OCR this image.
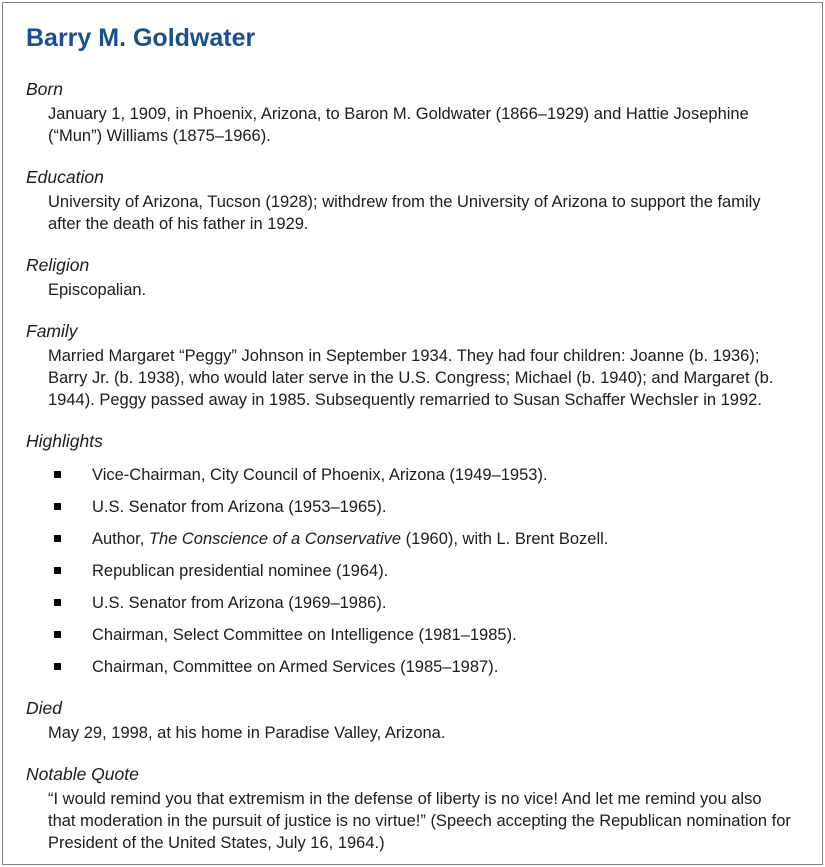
Barry M. Goldwater
Born

January 1, 1909, in Phoenix, Arizona, to Baron M. Goldwater (1866–1929) and Hattie Josephine (“Mun”) Williams (1875–1966).

Education

University of Arizona, Tucson (1928); withdrew from the University of Arizona to support the family after the death of his father in 1929.

Religion

Episcopalian.

Family

Married Margaret “Peggy” Johnson in September 1934. They had four children: Joanne (b. 1936); Barry Jr. (b. 1938), who would later serve in the U.S. Congress; Michael (b. 1940); and Margaret (b. 1944). Peggy passed away in 1985. Subsequently remarried to Susan Schaffer Wechsler in 1992.

Highlights
Vice-Chairman, City Council of Phoenix, Arizona (1949–1953).
U.S. Senator from Arizona (1953–1965).
Author, The Conscience of a Conservative (1960), with L. Brent Bozell.
Republican presidential nominee (1964).
U.S. Senator from Arizona (1969–1986).
Chairman, Select Committee on Intelligence (1981–1985).
Chairman, Committee on Armed Services (1985–1987).
Died

May 29, 1998, at his home in Paradise Valley, Arizona.

Notable Quote

“I would remind you that extremism in the defense of liberty is no vice! And let me remind you also that moderation in the pursuit of justice is no virtue!” (Speech accepting the Republican nomination for President of the United States, July 16, 1964.)
